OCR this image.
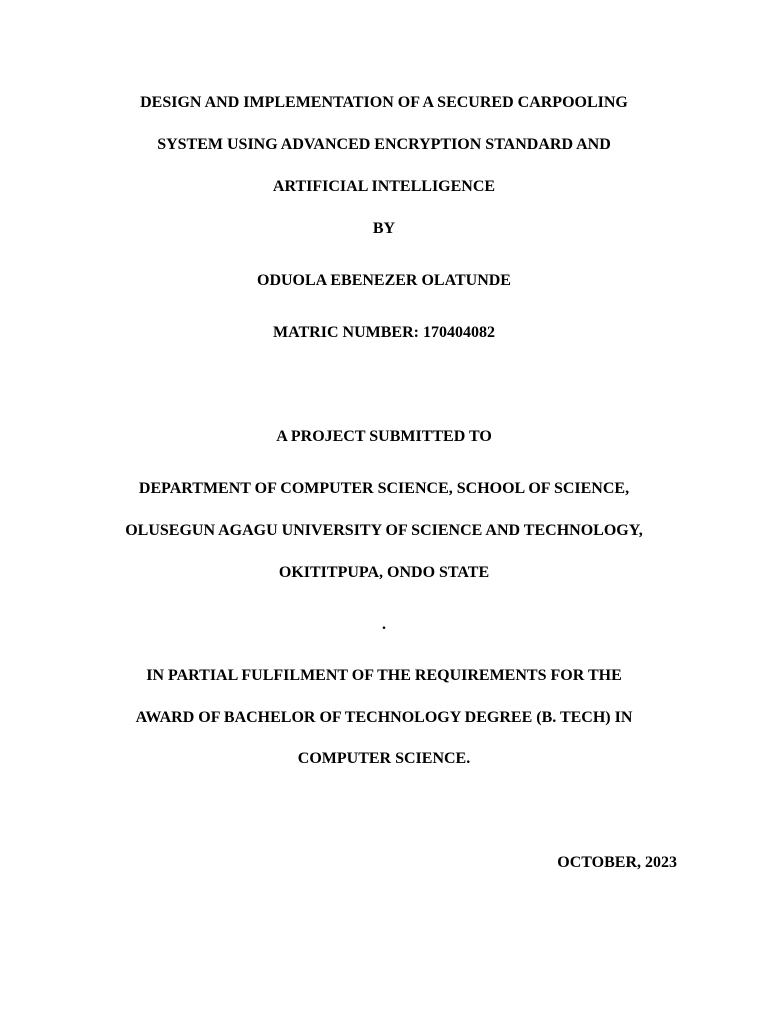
DESIGN AND IMPLEMENTATION OF A SECURED CARPOOLING
SYSTEM USING ADVANCED ENCRYPTION STANDARD AND
ARTIFICIAL INTELLIGENCE
BY
ODUOLA EBENEZER OLATUNDE
MATRIC NUMBER: 170404082
A PROJECT SUBMITTED TO
DEPARTMENT OF COMPUTER SCIENCE, SCHOOL OF SCIENCE,
OLUSEGUN AGAGU UNIVERSITY OF SCIENCE AND TECHNOLOGY,
OKITITPUPA, ONDO STATE
.
IN PARTIAL FULFILMENT OF THE REQUIREMENTS FOR THE
AWARD OF BACHELOR OF TECHNOLOGY DEGREE (B. TECH) IN
COMPUTER SCIENCE.
OCTOBER, 2023
